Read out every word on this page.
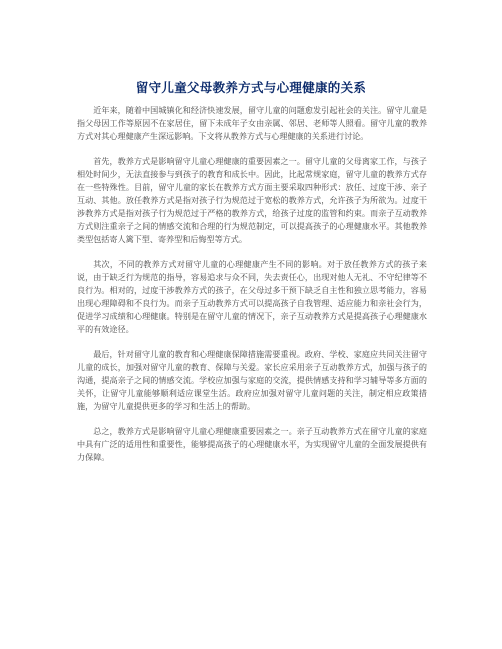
留守儿童父母教养方式与心理健康的关系

近年来，随着中国城镇化和经济快速发展，留守儿童的问题愈发引起社会的关注。留守儿童是指父母因工作等原因不在家居住，留下未成年子女由亲属、邻居、老师等人照看。留守儿童的教养方式对其心理健康产生深远影响。下文将从教养方式与心理健康的关系进行讨论。

首先，教养方式是影响留守儿童心理健康的重要因素之一。留守儿童的父母离家工作，与孩子相处时间少，无法直接参与到孩子的教育和成长中。因此，比起常规家庭，留守儿童的教养方式存在一些特殊性。目前，留守儿童的家长在教养方式方面主要采取四种形式：放任、过度干涉、亲子互动、其他。放任教养方式是指对孩子行为规范过于宽松的教养方式，允许孩子为所欲为。过度干涉教养方式是指对孩子行为规范过于严格的教养方式，给孩子过度的监管和约束。而亲子互动教养方式则注重亲子之间的情感交流和合理的行为规范制定，可以提高孩子的心理健康水平。其他教养类型包括寄人篱下型、寄养型和后悔型等方式。

其次，不同的教养方式对留守儿童的心理健康产生不同的影响。对于放任教养方式的孩子来说，由于缺乏行为规范的指导，容易追求与众不同，失去责任心，出现对他人无礼、不守纪律等不良行为。相对的，过度干涉教养方式的孩子，在父母过多干预下缺乏自主性和独立思考能力，容易出现心理障碍和不良行为。而亲子互动教养方式可以提高孩子自我管理、适应能力和亲社会行为，促进学习成绩和心理健康。特别是在留守儿童的情况下，亲子互动教养方式是提高孩子心理健康水平的有效途径。

最后，针对留守儿童的教育和心理健康保障措施需要重视。政府、学校、家庭应共同关注留守儿童的成长，加强对留守儿童的教育、保障与关爱。家长应采用亲子互动教养方式，加强与孩子的沟通，提高亲子之间的情感交流。学校应加强与家庭的交流，提供情感支持和学习辅导等多方面的关怀，让留守儿童能够顺利适应课堂生活。政府应加强对留守儿童问题的关注，制定相应政策措施，为留守儿童提供更多的学习和生活上的帮助。

总之，教养方式是影响留守儿童心理健康重要因素之一。亲子互动教养方式在留守儿童的家庭中具有广泛的适用性和重要性，能够提高孩子的心理健康水平，为实现留守儿童的全面发展提供有力保障。
